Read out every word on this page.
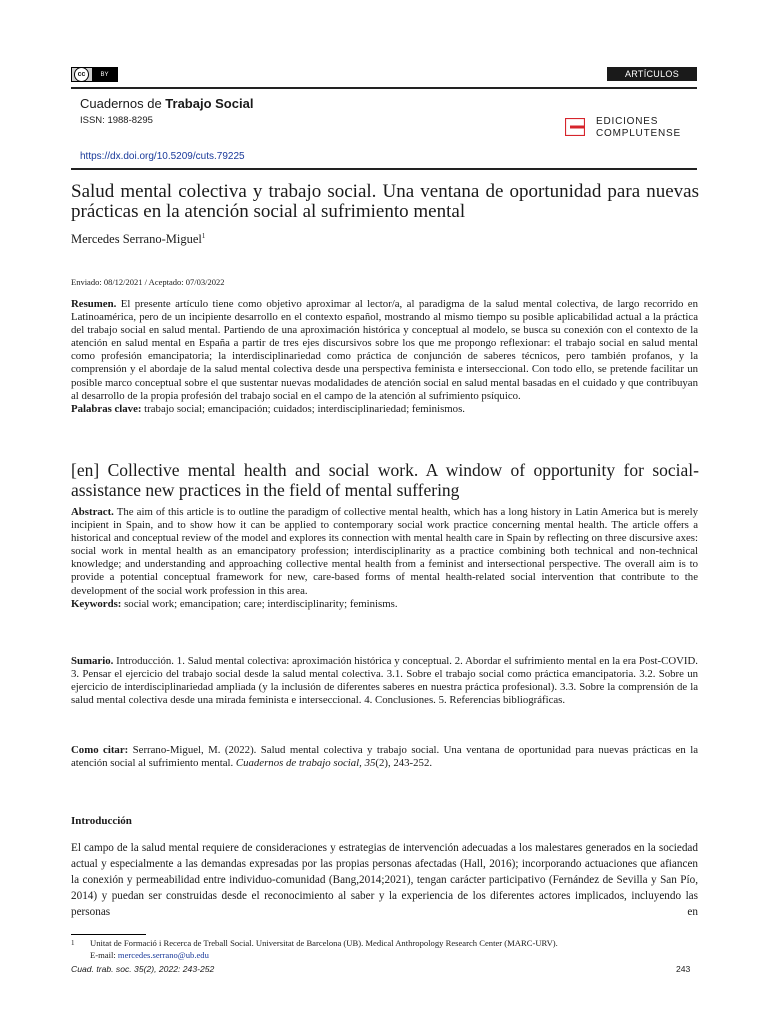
cc	BY	ARTÍCULOS
Cuadernos de Trabajo Social
ISSN: 1988-8295
https://dx.doi.org/10.5209/cuts.79225
EDICIONES
COMPLUTENSE
Salud mental colectiva y trabajo social. Una ventana de oportunidad para nuevas prácticas en la atención social al sufrimiento mental
Mercedes Serrano-Miguel$^1$
Enviado: 08/12/2021 / Aceptado: 07/03/2022
Resumen. El presente artículo tiene como objetivo aproximar al lector/a, al paradigma de la salud mental colectiva, de largo recorrido en Latinoamérica, pero de un incipiente desarrollo en el contexto español, mostrando al mismo tiempo su posible aplicabilidad actual a la práctica del trabajo social en salud mental. Partiendo de una aproximación histórica y conceptual al modelo, se busca su conexión con el contexto de la atención en salud mental en España a partir de tres ejes discursivos sobre los que me propongo reflexionar: el trabajo social en salud mental como profesión emancipatoria; la interdisciplinariedad como práctica de conjunción de saberes técnicos, pero también profanos, y la comprensión y el abordaje de la salud mental colectiva desde una perspectiva feminista e interseccional. Con todo ello, se pretende facilitar un posible marco conceptual sobre el que sustentar nuevas modalidades de atención social en salud mental basadas en el cuidado y que contribuyan al desarrollo de la propia profesión del trabajo social en el campo de la atención al sufrimiento psíquico.
Palabras clave: trabajo social; emancipación; cuidados; interdisciplinariedad; feminismos.
[en] Collective mental health and social work. A window of opportunity for social-assistance new practices in the field of mental suffering
Abstract. The aim of this article is to outline the paradigm of collective mental health, which has a long history in Latin America but is merely incipient in Spain, and to show how it can be applied to contemporary social work practice concerning mental health. The article offers a historical and conceptual review of the model and explores its connection with mental health care in Spain by reflecting on three discursive axes: social work in mental health as an emancipatory profession; interdisciplinarity as a practice combining both technical and non-technical knowledge; and understanding and approaching collective mental health from a feminist and intersectional perspective. The overall aim is to provide a potential conceptual framework for new, care-based forms of mental health-related social intervention that contribute to the development of the social work profession in this area.
Keywords: social work; emancipation; care; interdisciplinarity; feminisms.
Sumario. Introducción. 1. Salud mental colectiva: aproximación histórica y conceptual. 2. Abordar el sufrimiento mental en la era Post-COVID. 3. Pensar el ejercicio del trabajo social desde la salud mental colectiva. 3.1. Sobre el trabajo social como práctica emancipatoria. 3.2. Sobre un ejercicio de interdisciplinariedad ampliada (y la inclusión de diferentes saberes en nuestra práctica profesional). 3.3. Sobre la comprensión de la salud mental colectiva desde una mirada feminista e interseccional. 4. Conclusiones. 5. Referencias bibliográficas.
Como citar: Serrano-Miguel, M. (2022). Salud mental colectiva y trabajo social. Una ventana de oportunidad para nuevas prácticas en la atención social al sufrimiento mental. Cuadernos de trabajo social, 35(2), 243-252.
Introducción
El campo de la salud mental requiere de consideraciones y estrategias de intervención adecuadas a los malestares generados en la sociedad actual y especialmente a las demandas expresadas por las propias personas afectadas (Hall, 2016); incorporando actuaciones que afiancen la conexión y permeabilidad entre individuo-comunidad (Bang,2014;2021), tengan carácter participativo (Fernández de Sevilla y San Pío, 2014) y puedan ser construidas desde el reconocimiento al saber y la experiencia de los diferentes actores implicados, incluyendo las personas en
1 Unitat de Formació i Recerca de Treball Social. Universitat de Barcelona (UB). Medical Anthropology Research Center (MARC-URV).
E-mail: mercedes.serrano@ub.edu
Cuad. trab. soc. 35(2), 2022: 243-252	243
